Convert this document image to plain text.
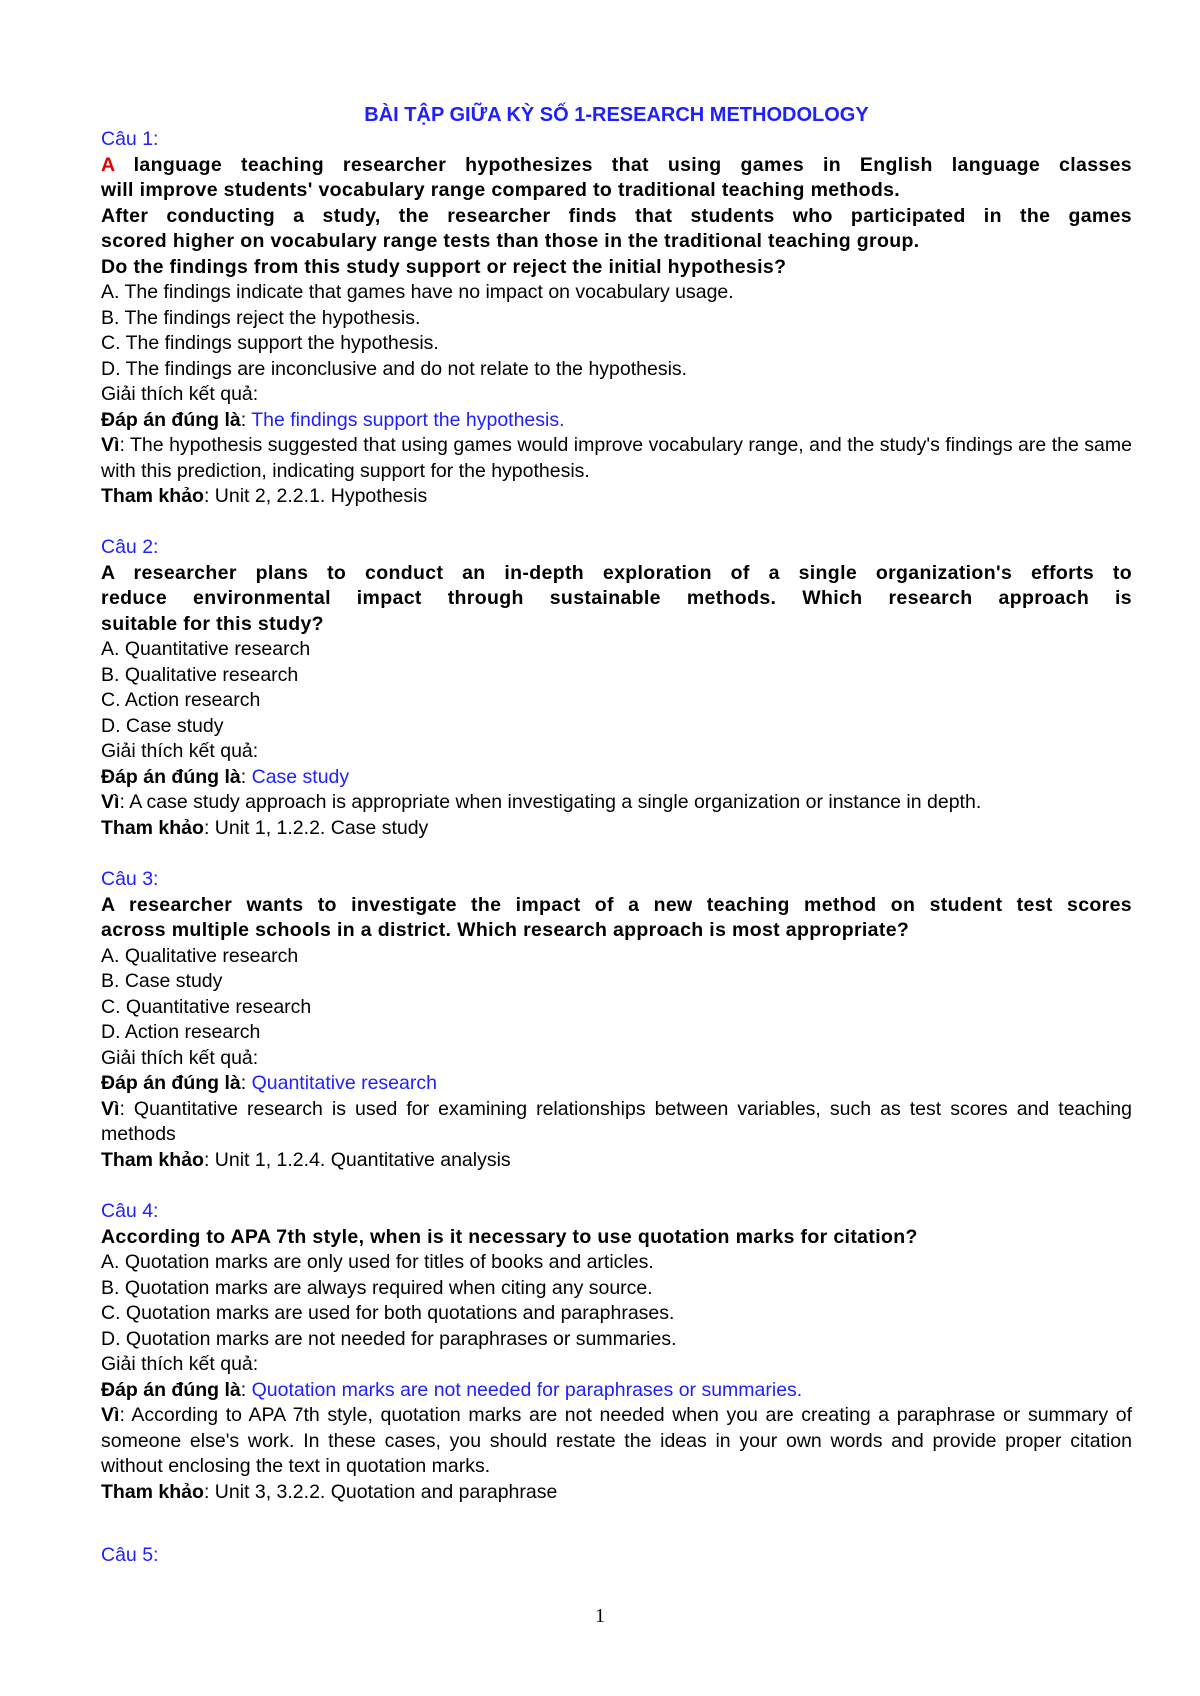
BÀI TẬP GIỮA KỲ SỐ 1-RESEARCH METHODOLOGY
Câu 1:
A language teaching researcher hypothesizes that using games in English language classes
will improve students' vocabulary range compared to traditional teaching methods.
After conducting a study, the researcher finds that students who participated in the games
scored higher on vocabulary range tests than those in the traditional teaching group.
Do the findings from this study support or reject the initial hypothesis?
A. The findings indicate that games have no impact on vocabulary usage.
B. The findings reject the hypothesis.
C. The findings support the hypothesis.
D. The findings are inconclusive and do not relate to the hypothesis.
Giải thích kết quả:
Đáp án đúng là: The findings support the hypothesis.
Vì: The hypothesis suggested that using games would improve vocabulary range, and the study's findings are the same with this prediction, indicating support for the hypothesis.
Tham khảo: Unit 2, 2.2.1. Hypothesis
Câu 2:
A researcher plans to conduct an in-depth exploration of a single organization's efforts to
reduce environmental impact through sustainable methods. Which research approach is
suitable for this study?
A. Quantitative research
B. Qualitative research
C. Action research
D. Case study
Giải thích kết quả:
Đáp án đúng là: Case study
Vì: A case study approach is appropriate when investigating a single organization or instance in depth.
Tham khảo: Unit 1, 1.2.2. Case study
Câu 3:
A researcher wants to investigate the impact of a new teaching method on student test scores
across multiple schools in a district. Which research approach is most appropriate?
A. Qualitative research
B. Case study
C. Quantitative research
D. Action research
Giải thích kết quả:
Đáp án đúng là: Quantitative research
Vì: Quantitative research is used for examining relationships between variables, such as test scores and teaching methods
Tham khảo: Unit 1, 1.2.4. Quantitative analysis
Câu 4:
According to APA 7th style, when is it necessary to use quotation marks for citation?
A. Quotation marks are only used for titles of books and articles.
B. Quotation marks are always required when citing any source.
C. Quotation marks are used for both quotations and paraphrases.
D. Quotation marks are not needed for paraphrases or summaries.
Giải thích kết quả:
Đáp án đúng là: Quotation marks are not needed for paraphrases or summaries.
Vì: According to APA 7th style, quotation marks are not needed when you are creating a paraphrase or summary of someone else's work. In these cases, you should restate the ideas in your own words and provide proper citation without enclosing the text in quotation marks.
Tham khảo: Unit 3, 3.2.2. Quotation and paraphrase
Câu 5:
1
